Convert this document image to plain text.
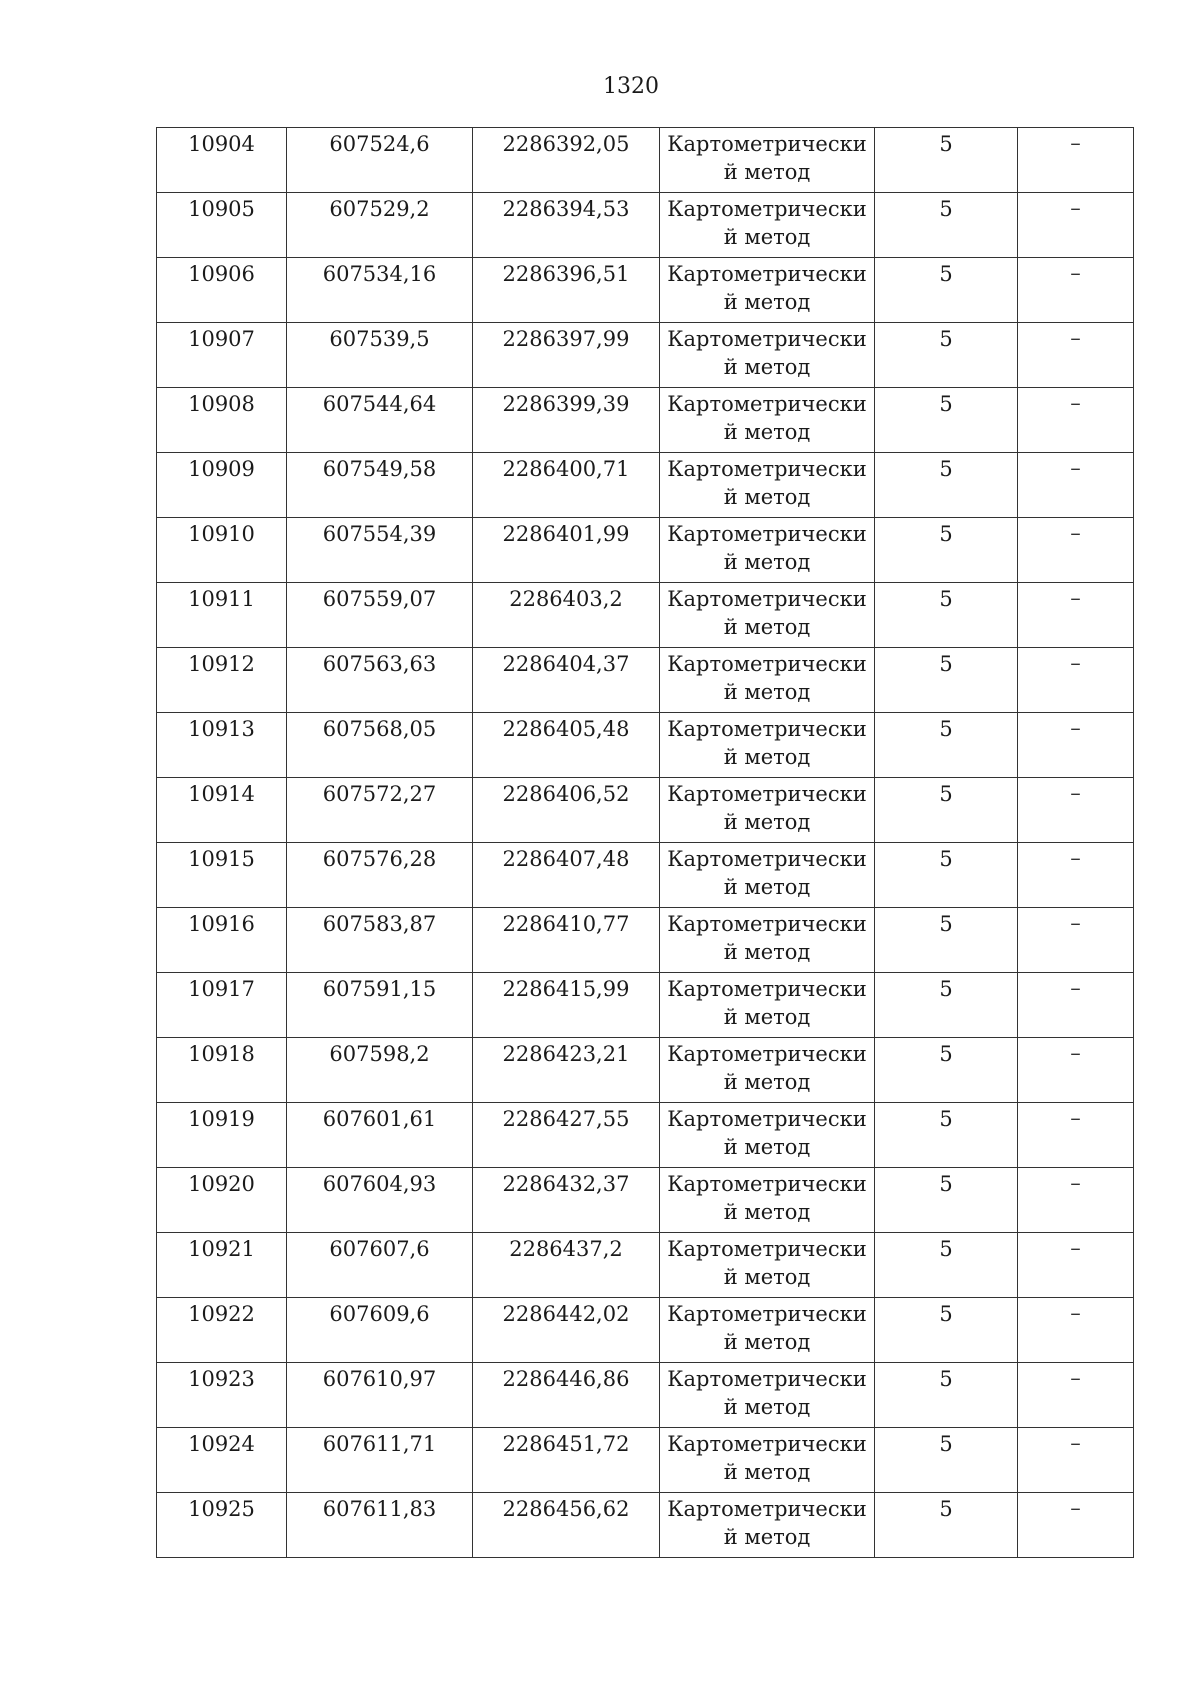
1320
10904	607524,6	2286392,05	Картометрически
й метод	5	–
10905	607529,2	2286394,53	Картометрически
й метод	5	–
10906	607534,16	2286396,51	Картометрически
й метод	5	–
10907	607539,5	2286397,99	Картометрически
й метод	5	–
10908	607544,64	2286399,39	Картометрически
й метод	5	–
10909	607549,58	2286400,71	Картометрически
й метод	5	–
10910	607554,39	2286401,99	Картометрически
й метод	5	–
10911	607559,07	2286403,2	Картометрически
й метод	5	–
10912	607563,63	2286404,37	Картометрически
й метод	5	–
10913	607568,05	2286405,48	Картометрически
й метод	5	–
10914	607572,27	2286406,52	Картометрически
й метод	5	–
10915	607576,28	2286407,48	Картометрически
й метод	5	–
10916	607583,87	2286410,77	Картометрически
й метод	5	–
10917	607591,15	2286415,99	Картометрически
й метод	5	–
10918	607598,2	2286423,21	Картометрически
й метод	5	–
10919	607601,61	2286427,55	Картометрически
й метод	5	–
10920	607604,93	2286432,37	Картометрически
й метод	5	–
10921	607607,6	2286437,2	Картометрически
й метод	5	–
10922	607609,6	2286442,02	Картометрически
й метод	5	–
10923	607610,97	2286446,86	Картометрически
й метод	5	–
10924	607611,71	2286451,72	Картометрически
й метод	5	–
10925	607611,83	2286456,62	Картометрически
й метод	5	–
